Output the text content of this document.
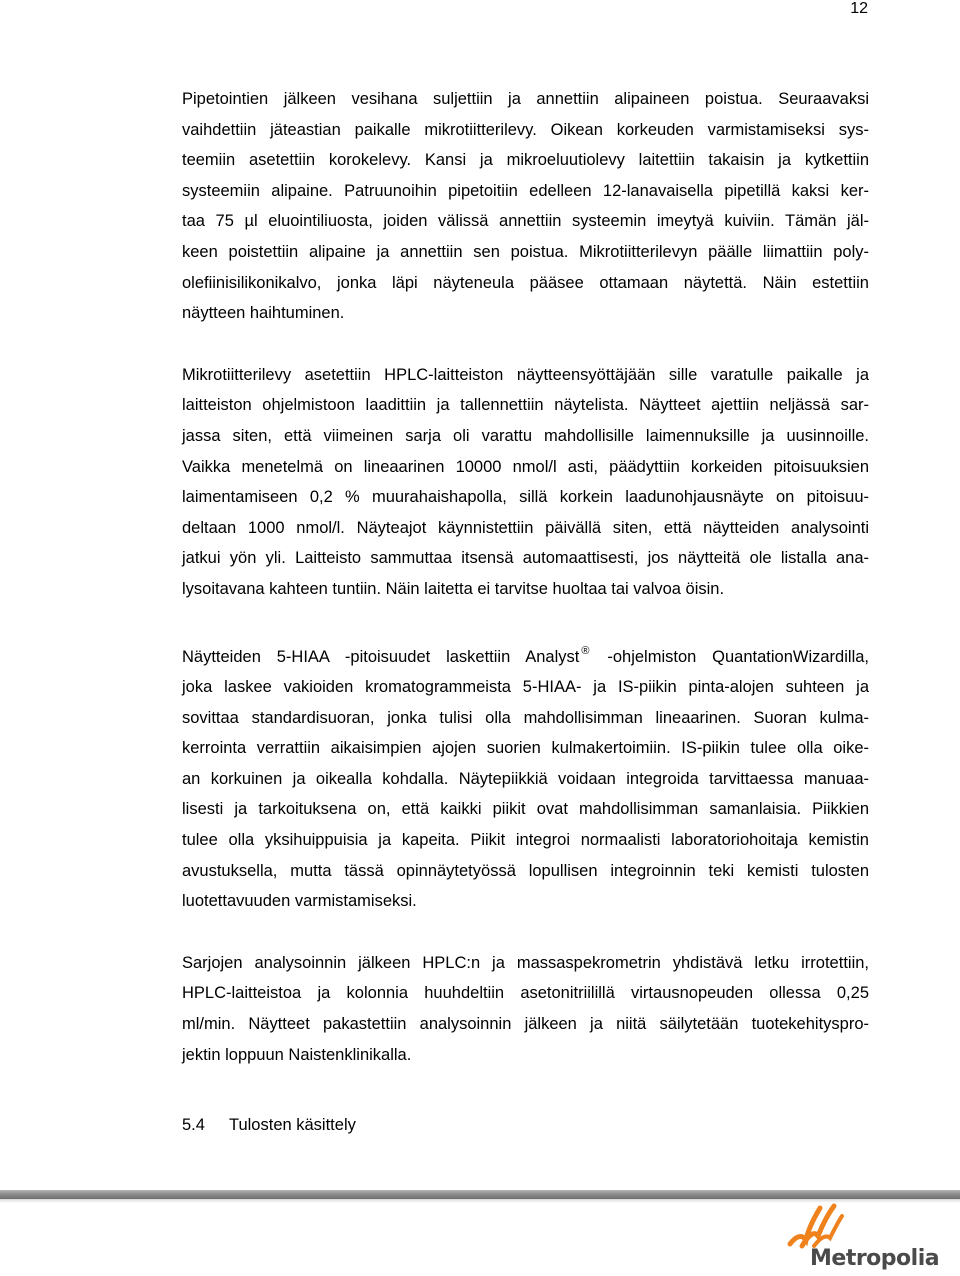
12
Pipetointien jälkeen vesihana suljettiin ja annettiin alipaineen poistua. Seuraavaksi
vaihdettiin jäteastian paikalle mikrotiitterilevy. Oikean korkeuden varmistamiseksi sys-
teemiin asetettiin korokelevy. Kansi ja mikroeluutiolevy laitettiin takaisin ja kytkettiin
systeemiin alipaine. Patruunoihin pipetoitiin edelleen 12-lanavaisella pipetillä kaksi ker-
taa 75 µl eluointiliuosta, joiden välissä annettiin systeemin imeytyä kuiviin. Tämän jäl-
keen poistettiin alipaine ja annettiin sen poistua. Mikrotiitterilevyn päälle liimattiin poly-
olefiinisilikonikalvo, jonka läpi näyteneula pääsee ottamaan näytettä. Näin estettiin
näytteen haihtuminen.
Mikrotiitterilevy asetettiin HPLC-laitteiston näytteensyöttäjään sille varatulle paikalle ja
laitteiston ohjelmistoon laadittiin ja tallennettiin näytelista. Näytteet ajettiin neljässä sar-
jassa siten, että viimeinen sarja oli varattu mahdollisille laimennuksille ja uusinnoille.
Vaikka menetelmä on lineaarinen 10000 nmol/l asti, päädyttiin korkeiden pitoisuuksien
laimentamiseen 0,2 % muurahaishapolla, sillä korkein laadunohjausnäyte on pitoisuu-
deltaan 1000 nmol/l. Näyteajot käynnistettiin päivällä siten, että näytteiden analysointi
jatkui yön yli. Laitteisto sammuttaa itsensä automaattisesti, jos näytteitä ole listalla ana-
lysoitavana kahteen tuntiin. Näin laitetta ei tarvitse huoltaa tai valvoa öisin.
Näytteiden 5-HIAA -pitoisuudet laskettiin Analyst ® -ohjelmiston QuantationWizardilla,
joka laskee vakioiden kromatogrammeista 5-HIAA- ja IS-piikin pinta-alojen suhteen ja
sovittaa standardisuoran, jonka tulisi olla mahdollisimman lineaarinen. Suoran kulma-
kerrointa verrattiin aikaisimpien ajojen suorien kulmakertoimiin. IS-piikin tulee olla oike-
an korkuinen ja oikealla kohdalla. Näytepiikkiä voidaan integroida tarvittaessa manuaa-
lisesti ja tarkoituksena on, että kaikki piikit ovat mahdollisimman samanlaisia. Piikkien
tulee olla yksihuippuisia ja kapeita. Piikit integroi normaalisti laboratoriohoitaja kemistin
avustuksella, mutta tässä opinnäytetyössä lopullisen integroinnin teki kemisti tulosten
luotettavuuden varmistamiseksi.
Sarjojen analysoinnin jälkeen HPLC:n ja massaspekrometrin yhdistävä letku irrotettiin,
HPLC-laitteistoa ja kolonnia huuhdeltiin asetonitriilillä virtausnopeuden ollessa 0,25
ml/min. Näytteet pakastettiin analysoinnin jälkeen ja niitä säilytetään tuotekehityspro-
jektin loppuun Naistenklinikalla.
5.4 Tulosten käsittely
Metropolia
